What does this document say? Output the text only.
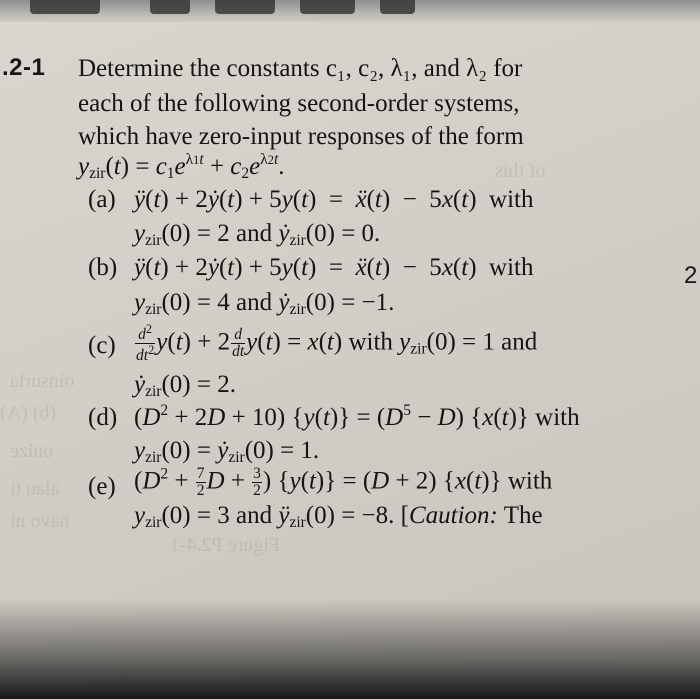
of this
oinsurla
(b) (A)
onize
alau ti
navo ni
Figure P2.4-1
.2-1 Determine the constants c₁, c₂, λ₁, and λ₂ for
each of the following second-order systems,
which have zero-input responses of the form
$y_{zir}(t) = c_1e^{\lambda 1t} + c_2e^{\lambda 2t}$.
(a) ÿ(t) + 2ẏ(t) + 5y(t)  =  ẍ(t)  −  5x(t)  with
$y_{zir}(0) = 2$ and ẏ$_{zir}$(0) = 0.
(b) ÿ(t) + 2ẏ(t) + 5y(t)  =  ẍ(t)  −  5x(t)  with
$y_{zir}(0) = 4$ and ẏ$_{zir}$(0) = −1.
2
$(c) \frac{d^2}{dt^2} y(t) + 2 \frac{d}{dt} y(t) = x(t)$ with $y_{zir}(0) = 1$ and
ẏ$_{zir}$(0) = 2.
(d) $(D^2 + 2D + 10) \{y(t)\} = (D^5 - D)$ {x(t)} with
$y_{zir}(0)$ = ẏ$_{zir}$(0) = 1.
(e) ($D^2 + \frac{7}{2}$ $D + \frac{3}{2}$ ) {y(t)} = (D + 2) {x(t)} with
$y_{zir}(0) = 3$ and $ÿ_{zir}(0) = -8$. [Caution: The
